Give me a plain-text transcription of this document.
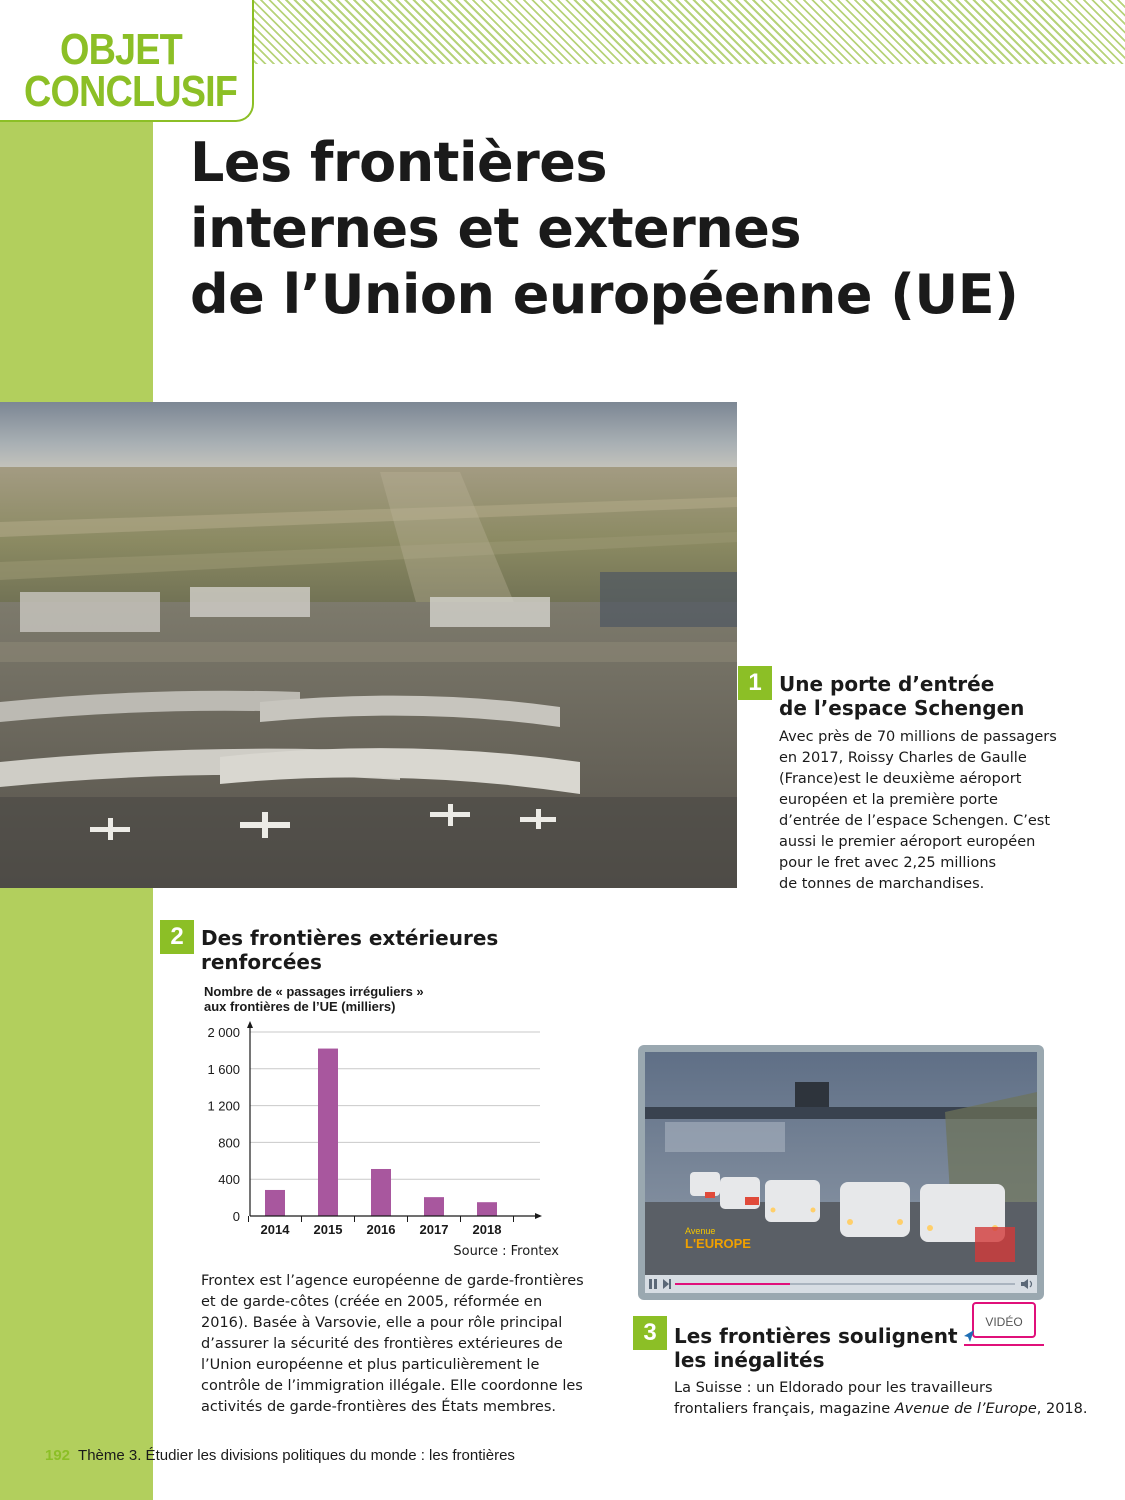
OBJET
CONCLUSIF
Les frontières
internes et externes
de l’Union européenne (UE)
1 Une porte d’entrée
de l’espace Schengen
Avec près de 70 millions de passagers
en 2017, Roissy Charles de Gaulle
(France)est le deuxième aéroport
européen et la première porte
d’entrée de l’espace Schengen. C’est
aussi le premier aéroport européen
pour le fret avec 2,25 millions
de tonnes de marchandises.
2 Des frontières extérieures
renforcées
Nombre de « passages irréguliers »
aux frontières de l’UE (milliers)
0
400
800
1 200
1 600
2 000
2014 2015 2016 2017 2018
Source : Frontex
Frontex est l’agence européenne de garde-frontières
et de garde-côtes (créée en 2005, réformée en
2016). Basée à Varsovie, elle a pour rôle principal
d’assurer la sécurité des frontières extérieures de
l’Union européenne et plus particulièrement le
contrôle de l’immigration illégale. Elle coordonne les
activités de garde-frontières des États membres.
Avenue
L'EUROPE
3 Les frontières soulignent
les inégalités
VIDÉO
La Suisse : un Eldorado pour les travailleurs
frontaliers français, magazine Avenue de l’Europe, 2018.
192 Thème 3. Étudier les divisions politiques du monde : les frontières
